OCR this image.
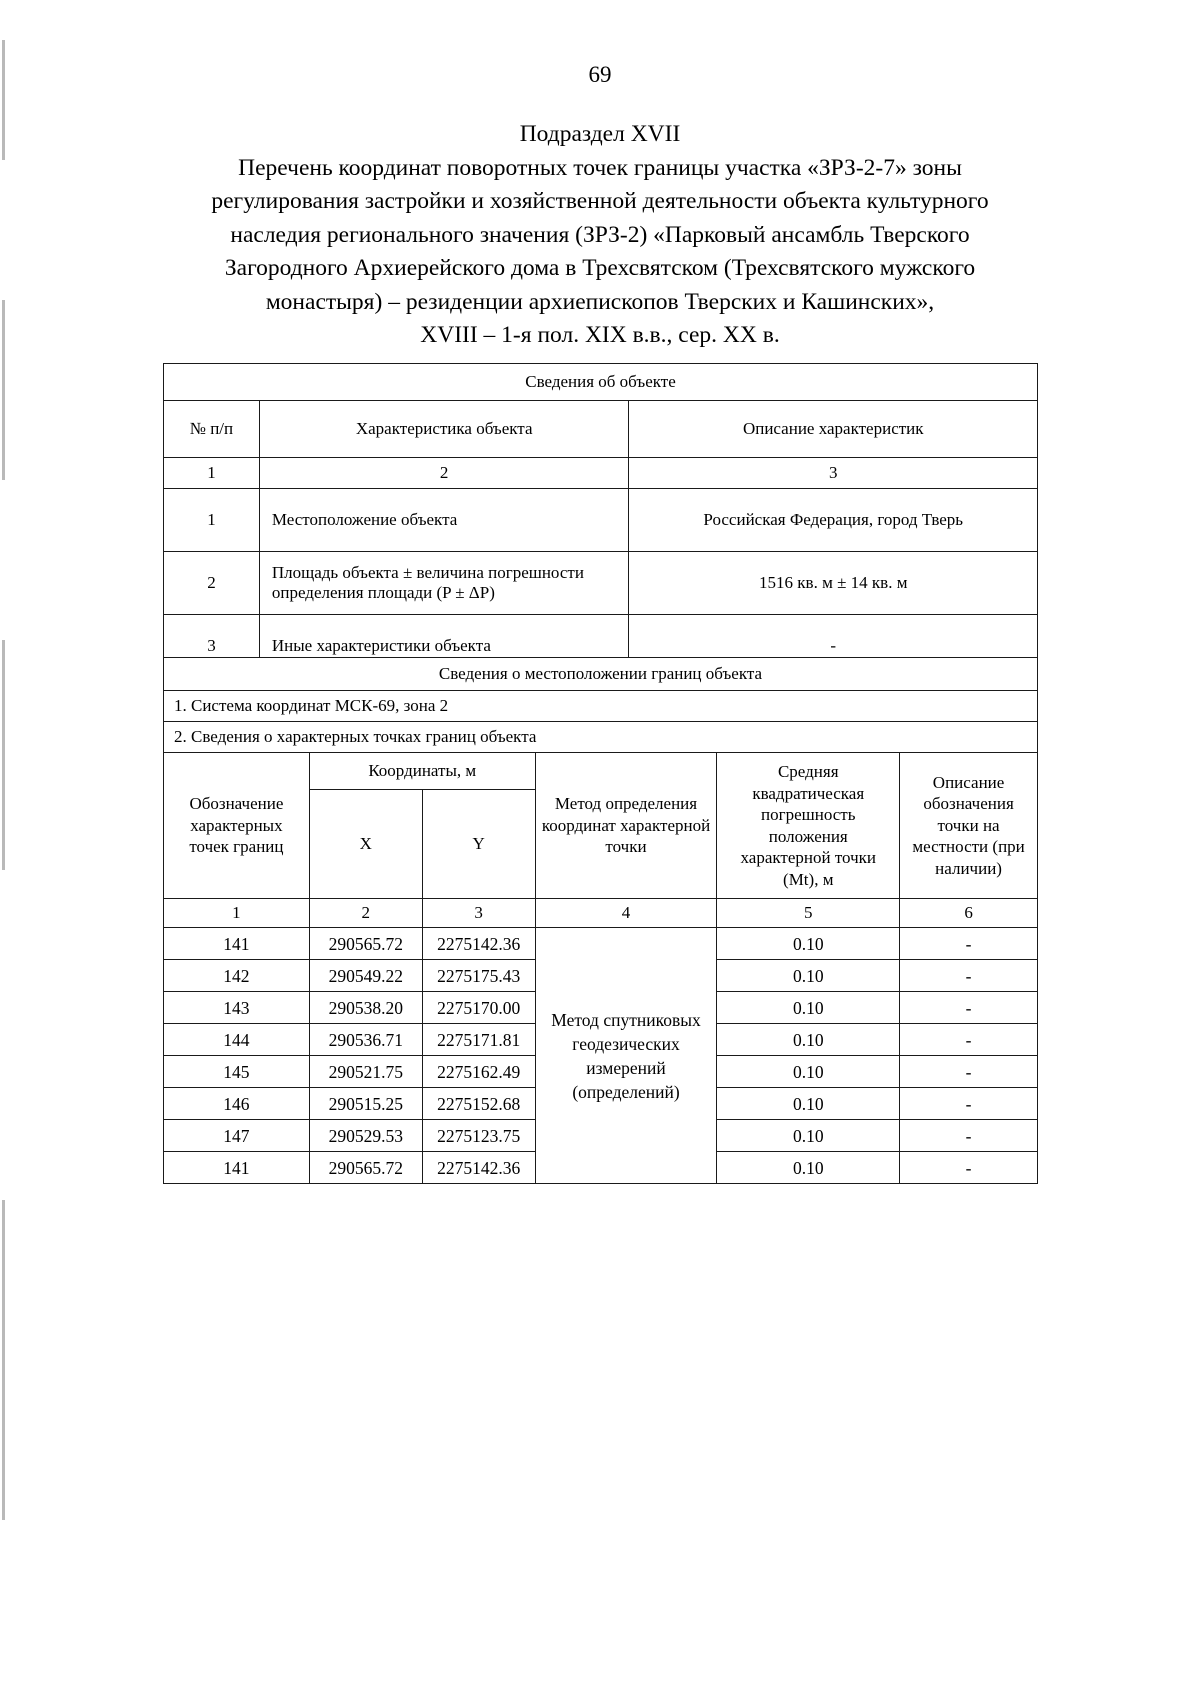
69
Подраздел XVII
Перечень координат поворотных точек границы участка «ЗРЗ-2-7» зоны
регулирования застройки и хозяйственной деятельности объекта культурного
наследия регионального значения (ЗРЗ-2) «Парковый ансамбль Тверского
Загородного Архиерейского дома в Трехсвятском (Трехсвятского мужского
монастыря) – резиденции архиепископов Тверских и Кашинских»,
XVIII – 1-я пол. XIX в.в., сер. XX в.
Сведения об объекте		
№ п/п	Характеристика объекта	Описание характеристик
1	2	3
1	Местоположение объекта	Российская Федерация, город Тверь
2	Площадь объекта ± величина погрешности определения площади (P ± ΔP)	1516 кв. м ± 14 кв. м
3	Иные характеристики объекта	-
Сведения о местоположении границ объекта					
1. Система координат МСК-69, зона 2					
2. Сведения о характерных точках границ объекта					
Обозначение характерных точек границ	Координаты, м		Метод определения координат характерной точки	Средняя квадратическая погрешность положения характерной точки (Mt), м	Описание обозначения точки на местности (при наличии)
	X	Y			
1	2	3	4	5	6
141	290565.72	2275142.36	Метод спутниковых геодезических измерений (определений)	0.10	-
142	290549.22	2275175.43		0.10	-
143	290538.20	2275170.00		0.10	-
144	290536.71	2275171.81		0.10	-
145	290521.75	2275162.49		0.10	-
146	290515.25	2275152.68		0.10	-
147	290529.53	2275123.75		0.10	-
141	290565.72	2275142.36		0.10	-
